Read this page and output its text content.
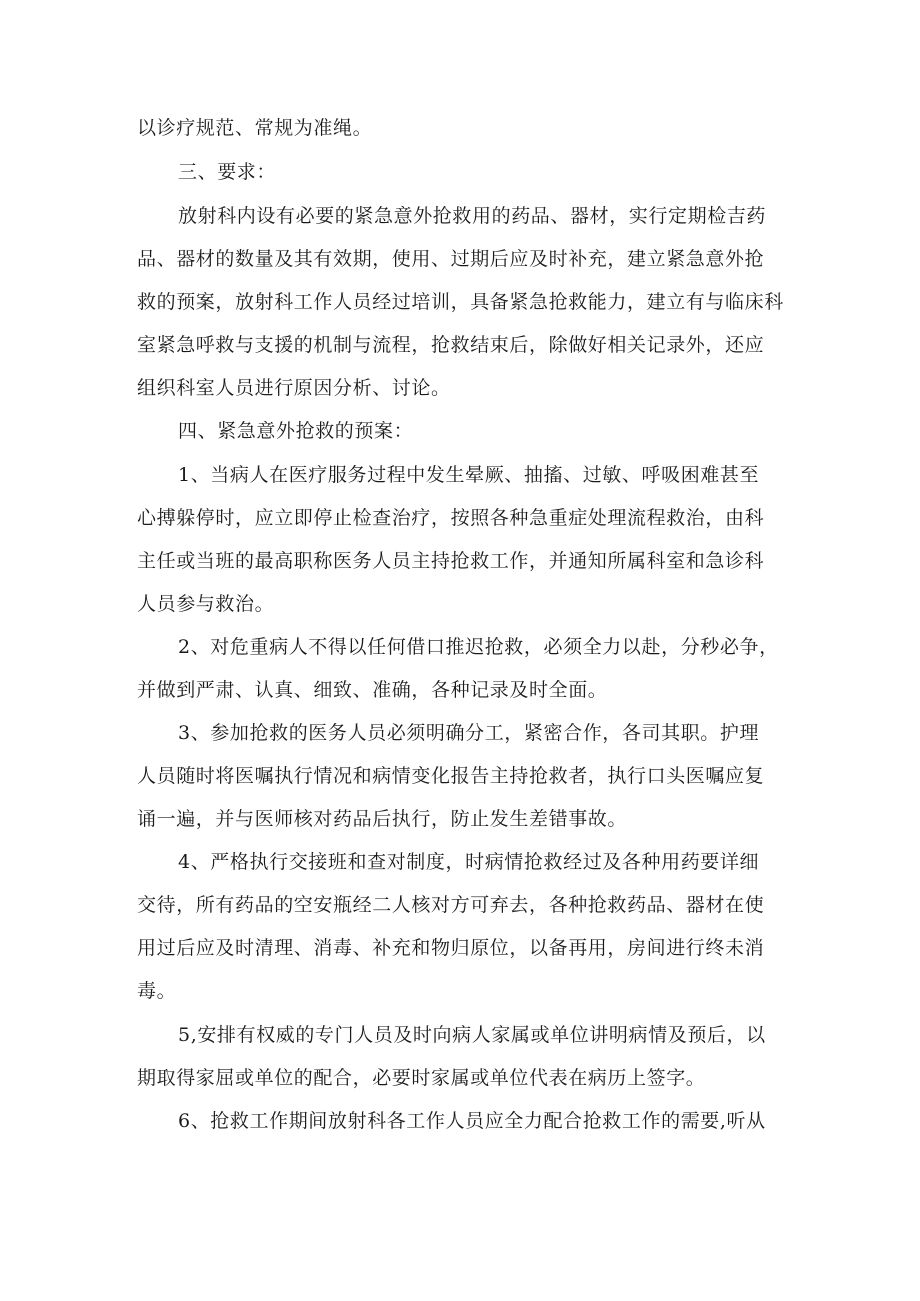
以诊疗规范、常规为准绳。

三、要求：

放射科内设有必要的紧急意外抢救用的药品、器材，实行定期检吉药

品、器材的数量及其有效期，使用、过期后应及时补充，建立紧急意外抢

救的预案，放射科工作人员经过培训，具备紧急抢救能力，建立有与临床科

室紧急呼救与支援的机制与流程，抢救结束后，除做好相关记录外，还应

组织科室人员进行原因分析、讨论。

四、紧急意外抢救的预案：

1、当病人在医疗服务过程中发生晕厥、抽搐、过敏、呼吸困难甚至

心搏躲停时，应立即停止检查治疗，按照各种急重症处理流程救治，由科

主任或当班的最高职称医务人员主持抢救工作，并通知所属科室和急诊科

人员参与救治。

2、对危重病人不得以任何借口推迟抢救，必须全力以赴，分秒必争，

并做到严肃、认真、细致、准确，各种记录及时全面。

3、参加抢救的医务人员必须明确分工，紧密合作，各司其职。护理

人员随时将医嘱执行情况和病情变化报告主持抢救者，执行口头医嘱应复

诵一遍，并与医师核对药品后执行，防止发生差错事故。

4、严格执行交接班和查对制度，时病情抢救经过及各种用药要详细

交待，所有药品的空安瓶经二人核对方可弃去，各种抢救药品、器材在使

用过后应及时清理、消毒、补充和物归原位，以备再用，房间进行终未消

毒。

5,安排有权威的专门人员及时向病人家属或单位讲明病情及预后，以

期取得家屈或单位的配合，必要时家属或单位代表在病历上签字。

6、抢救工作期间放射科各工作人员应全力配合抢救工作的需要,听从
